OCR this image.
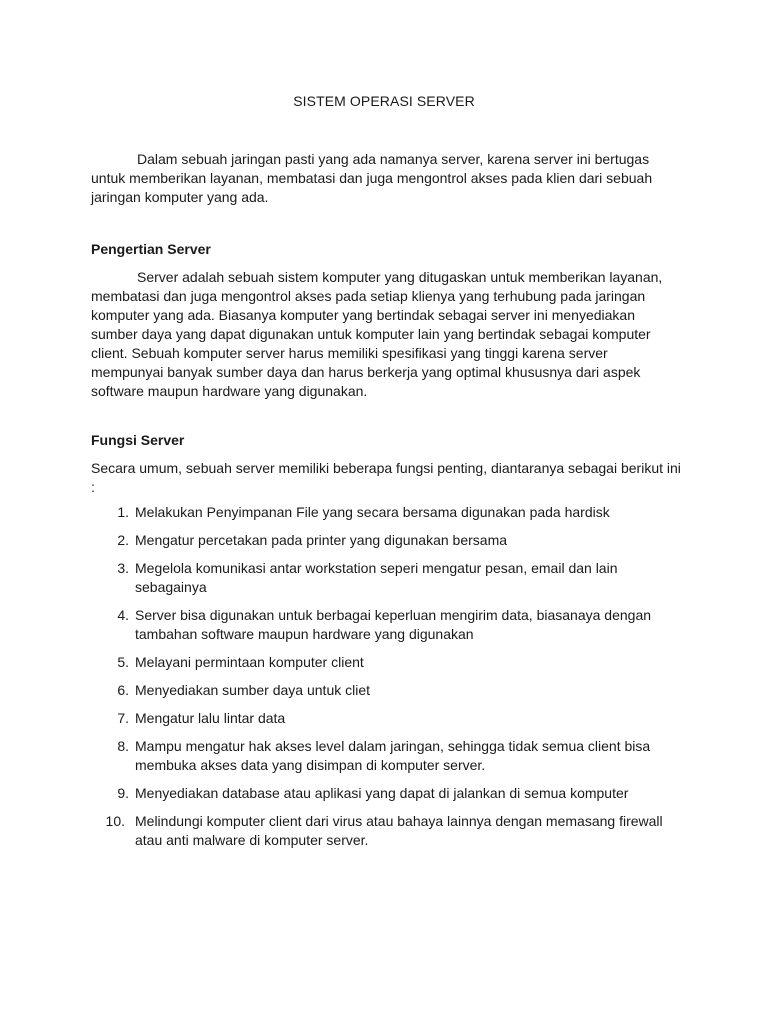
SISTEM OPERASI SERVER

Dalam sebuah jaringan pasti yang ada namanya server, karena server ini bertugas untuk memberikan layanan, membatasi dan juga mengontrol akses pada klien dari sebuah jaringan komputer yang ada.

Pengertian Server

Server adalah sebuah sistem komputer yang ditugaskan untuk memberikan layanan, membatasi dan juga mengontrol akses pada setiap klienya yang terhubung pada jaringan komputer yang ada. Biasanya komputer yang bertindak sebagai server ini menyediakan sumber daya yang dapat digunakan untuk komputer lain yang bertindak sebagai komputer client. Sebuah komputer server harus memiliki spesifikasi yang tinggi karena server mempunyai banyak sumber daya dan harus berkerja yang optimal khususnya dari aspek software maupun hardware yang digunakan.

Fungsi Server

Secara umum, sebuah server memiliki beberapa fungsi penting, diantaranya sebagai berikut ini :

1. Melakukan Penyimpanan File yang secara bersama digunakan pada hardisk
2. Mengatur percetakan pada printer yang digunakan bersama
3. Megelola komunikasi antar workstation seperi mengatur pesan, email dan lain sebagainya
4. Server bisa digunakan untuk berbagai keperluan mengirim data, biasanaya dengan tambahan software maupun hardware yang digunakan
5. Melayani permintaan komputer client
6. Menyediakan sumber daya untuk cliet
7. Mengatur lalu lintar data
8. Mampu mengatur hak akses level dalam jaringan, sehingga tidak semua client bisa membuka akses data yang disimpan di komputer server.
9. Menyediakan database atau aplikasi yang dapat di jalankan di semua komputer
10. Melindungi komputer client dari virus atau bahaya lainnya dengan memasang firewall atau anti malware di komputer server.
